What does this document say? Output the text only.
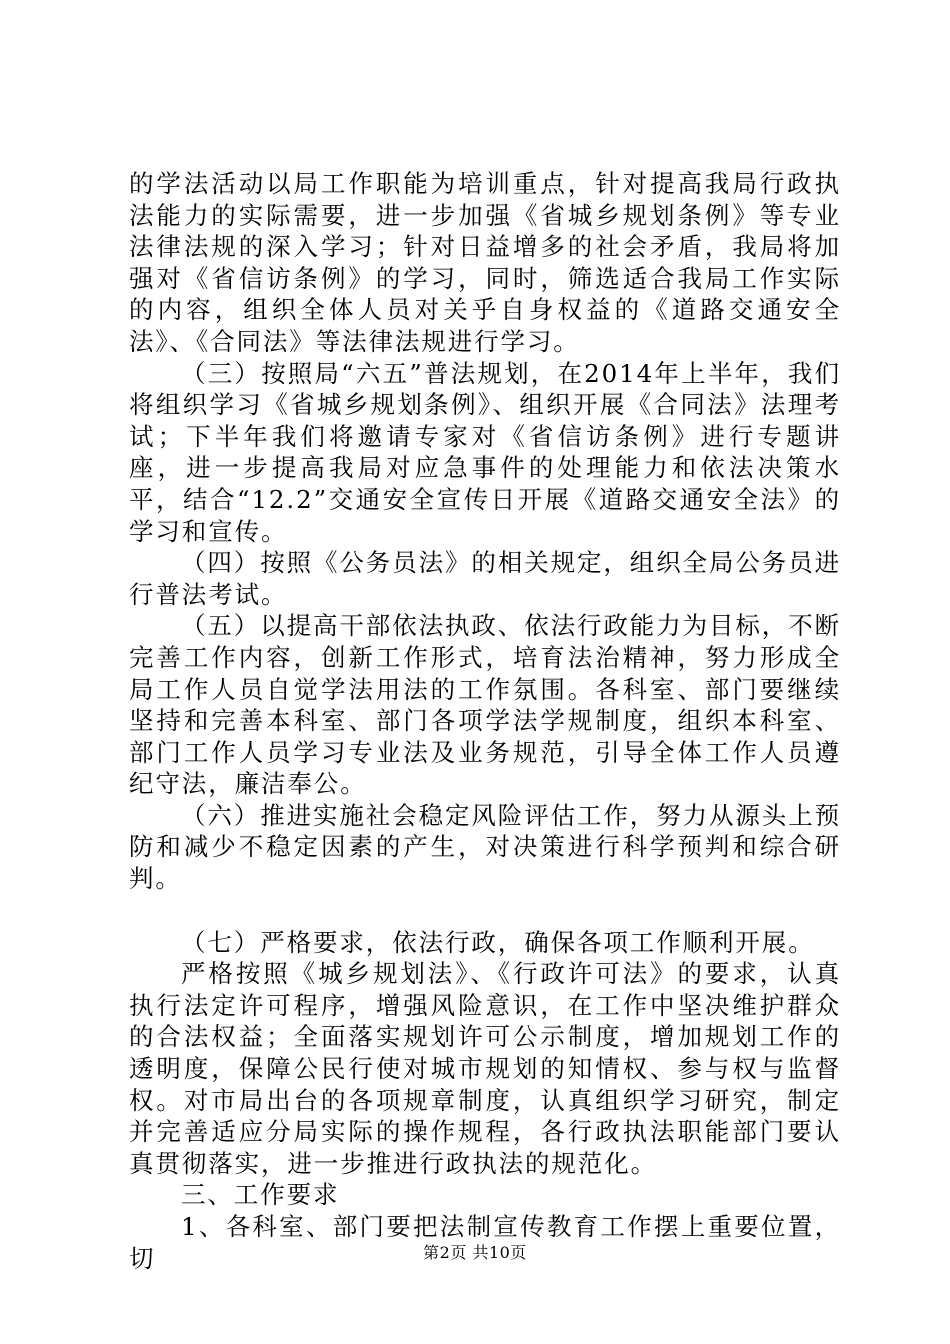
的学法活动以局工作职能为培训重点，针对提高我局行政执法能力的实际需要，进一步加强《省城乡规划条例》等专业法律法规的深入学习；针对日益增多的社会矛盾，我局将加强对《省信访条例》的学习，同时，筛选适合我局工作实际的内容，组织全体人员对关乎自身权益的《道路交通安全法》、《合同法》等法律法规进行学习。

（三）按照局“六五”普法规划，在2014年上半年，我们将组织学习《省城乡规划条例》、组织开展《合同法》法理考试；下半年我们将邀请专家对《省信访条例》进行专题讲座，进一步提高我局对应急事件的处理能力和依法决策水平，结合“12.2”交通安全宣传日开展《道路交通安全法》的学习和宣传。

（四）按照《公务员法》的相关规定，组织全局公务员进行普法考试。

（五）以提高干部依法执政、依法行政能力为目标，不断完善工作内容，创新工作形式，培育法治精神，努力形成全局工作人员自觉学法用法的工作氛围。各科室、部门要继续坚持和完善本科室、部门各项学法学规制度，组织本科室、部门工作人员学习专业法及业务规范，引导全体工作人员遵纪守法，廉洁奉公。

（六）推进实施社会稳定风险评估工作，努力从源头上预防和减少不稳定因素的产生，对决策进行科学预判和综合研判。

（七）严格要求，依法行政，确保各项工作顺利开展。

严格按照《城乡规划法》、《行政许可法》的要求，认真执行法定许可程序，增强风险意识，在工作中坚决维护群众的合法权益；全面落实规划许可公示制度，增加规划工作的透明度，保障公民行使对城市规划的知情权、参与权与监督权。对市局出台的各项规章制度，认真组织学习研究，制定并完善适应分局实际的操作规程，各行政执法职能部门要认真贯彻落实，进一步推进行政执法的规范化。

三、工作要求

1、各科室、部门要把法制宣传教育工作摆上重要位置，切	第2页 共10页
